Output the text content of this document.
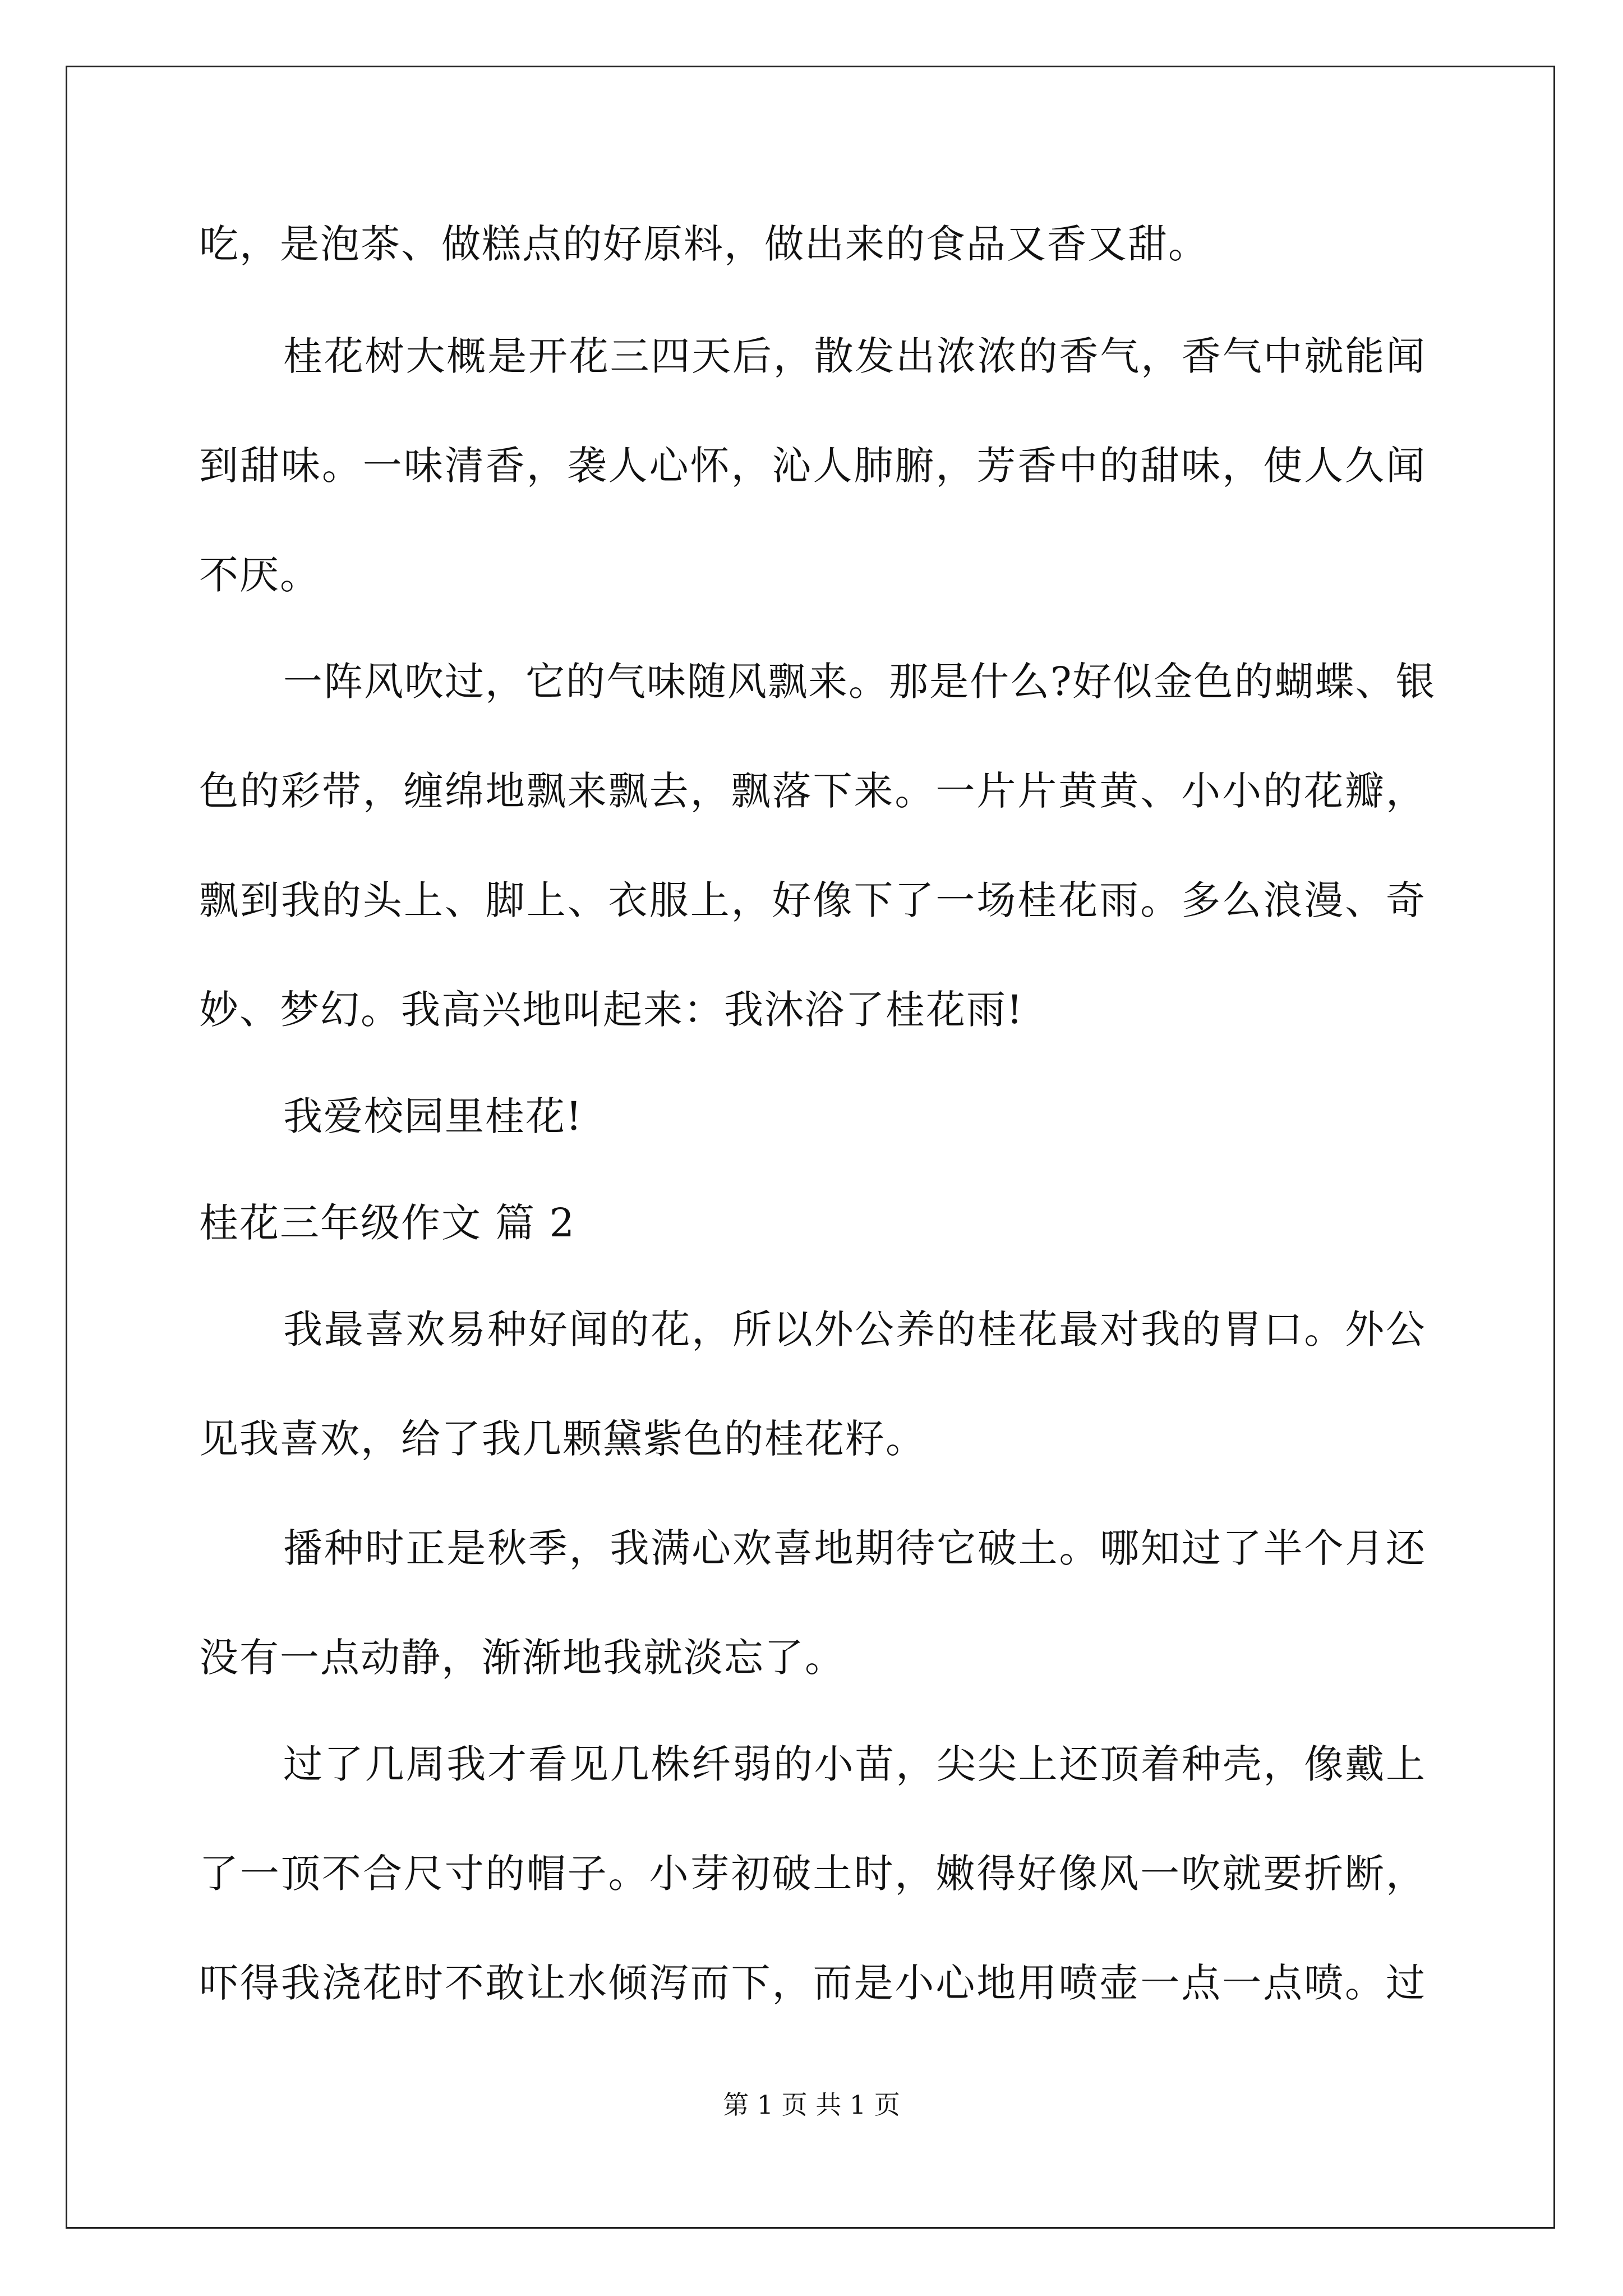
吃，是泡茶、做糕点的好原料，做出来的食品又香又甜。
桂花树大概是开花三四天后，散发出浓浓的香气，香气中就能闻
到甜味。一味清香，袭人心怀，沁人肺腑，芳香中的甜味，使人久闻
不厌。
一阵风吹过，它的气味随风飘来。那是什么?好似金色的蝴蝶、银
色的彩带，缠绵地飘来飘去，飘落下来。一片片黄黄、小小的花瓣，
飘到我的头上、脚上、衣服上，好像下了一场桂花雨。多么浪漫、奇
妙、梦幻。我高兴地叫起来：我沐浴了桂花雨!
我爱校园里桂花!
我最喜欢易种好闻的花，所以外公养的桂花最对我的胃口。外公
见我喜欢，给了我几颗黛紫色的桂花籽。
播种时正是秋季，我满心欢喜地期待它破土。哪知过了半个月还
没有一点动静，渐渐地我就淡忘了。
过了几周我才看见几株纤弱的小苗，尖尖上还顶着种壳，像戴上
了一顶不合尺寸的帽子。小芽初破土时，嫩得好像风一吹就要折断，
吓得我浇花时不敢让水倾泻而下，而是小心地用喷壶一点一点喷。过
桂花三年级作文 篇 2
第 1 页 共 1 页
